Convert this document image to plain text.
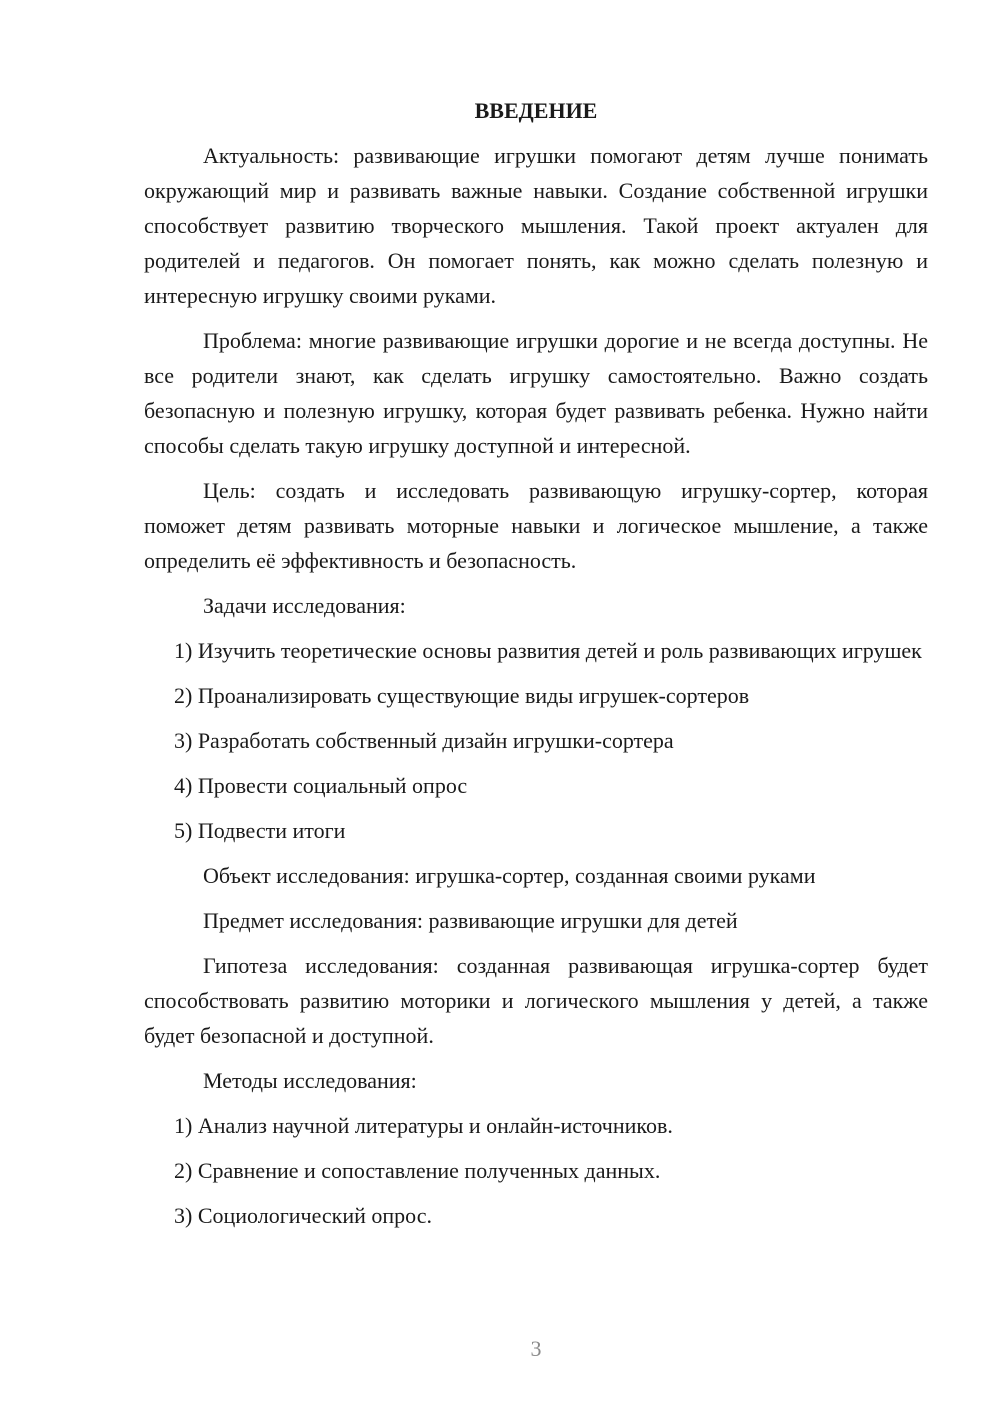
ВВЕДЕНИЕ

Актуальность: развивающие игрушки помогают детям лучше понимать окружающий мир и развивать важные навыки. Создание собственной игрушки способствует развитию творческого мышления. Такой проект актуален для родителей и педагогов. Он помогает понять, как можно сделать полезную и интересную игрушку своими руками.

Проблема: многие развивающие игрушки дорогие и не всегда доступны. Не все родители знают, как сделать игрушку самостоятельно. Важно создать безопасную и полезную игрушку, которая будет развивать ребенка. Нужно найти способы сделать такую игрушку доступной и интересной.

Цель: создать и исследовать развивающую игрушку-сортер, которая поможет детям развивать моторные навыки и логическое мышление, а также определить её эффективность и безопасность.

Задачи исследования:

1) Изучить теоретические основы развития детей и роль развивающих игрушек

2) Проанализировать существующие виды игрушек-сортеров

3) Разработать собственный дизайн игрушки-сортера

4) Провести социальный опрос

5) Подвести итоги

Объект исследования: игрушка-сортер, созданная своими руками

Предмет исследования: развивающие игрушки для детей

Гипотеза исследования: созданная развивающая игрушка-сортер будет способствовать развитию моторики и логического мышления у детей, а также будет безопасной и доступной.

Методы исследования:

1) Анализ научной литературы и онлайн-источников.

2) Сравнение и сопоставление полученных данных.

3) Социологический опрос.

3
